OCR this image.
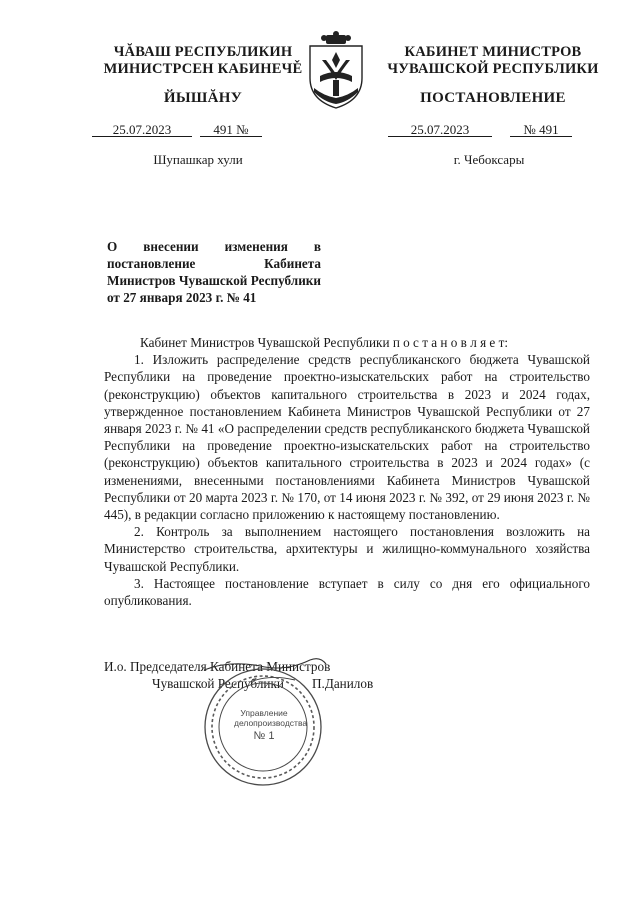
ЧĂВАШ РЕСПУБЛИКИН
МИНИСТРСЕН КАБИНЕЧĚ
ЙЫШĂНУ
КАБИНЕТ МИНИСТРОВ
ЧУВАШСКОЙ РЕСПУБЛИКИ
ПОСТАНОВЛЕНИЕ
25.07.2023	491 №	25.07.2023	№ 491
Шупашкар хули	г. Чебоксары
О внесении изменения в постановление Кабинета Министров Чувашской Республики от 27 января 2023 г. № 41

Кабинет Министров Чувашской Республики п о с т а н о в л я е т:

1. Изложить распределение средств республиканского бюджета Чувашской Республики на проведение проектно-изыскательских работ на строительство (реконструкцию) объектов капитального строительства в 2023 и 2024 годах, утвержденное постановлением Кабинета Министров Чувашской Республики от 27 января 2023 г. № 41 «О распределении средств республиканского бюджета Чувашской Республики на проведение проектно-изыскательских работ на строительство (реконструкцию) объектов капитального строительства в 2023 и 2024 годах» (с изменениями, внесенными постановлениями Кабинета Министров Чувашской Республики от 20 марта 2023 г. № 170, от 14 июня 2023 г. № 392, от 29 июня 2023 г. № 445), в редакции согласно приложению к настоящему постановлению.

2. Контроль за выполнением настоящего постановления возложить на Министерство строительства, архитектуры и жилищно-коммунального хозяйства Чувашской Республики.

3. Настоящее постановление вступает в силу со дня его официального опубликования.

И.о. Председателя Кабинета Министров
Чувашской Республики	П.Данилов
Управление делопроизводства
№ 1
